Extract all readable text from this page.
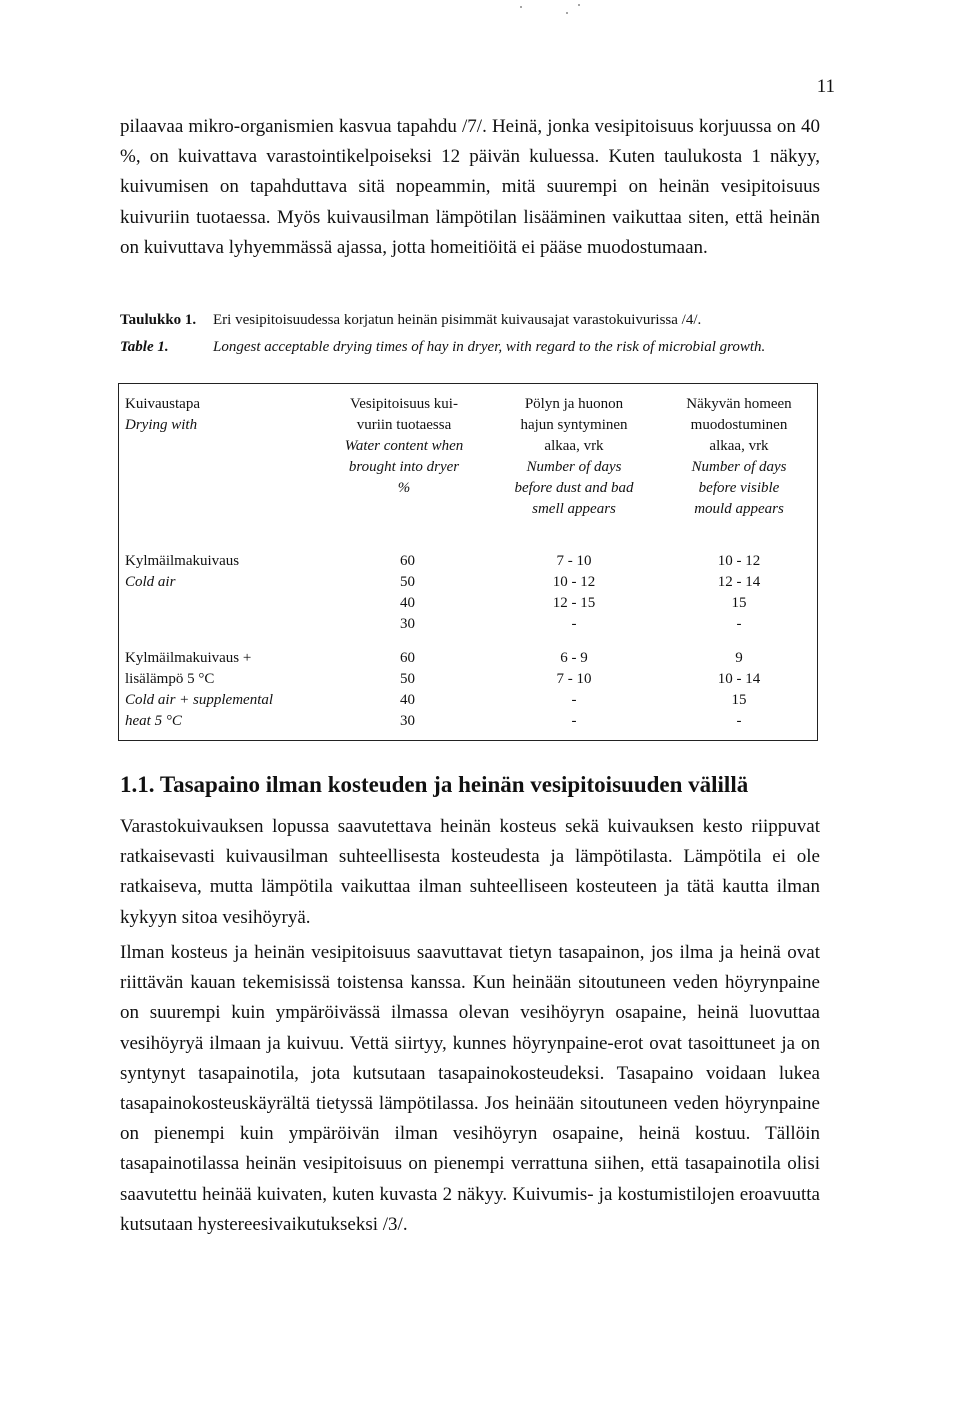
11

pilaavaa mikro-organismien kasvua tapahdu /7/. Heinä, jonka vesipitoisuus korjuussa on 40 %, on kuivattava varastointikelpoiseksi 12 päivän kuluessa. Kuten taulukosta 1 näkyy, kuivumisen on tapahduttava sitä nopeammin, mitä suurempi on heinän vesipitoisuus kuivuriin tuotaessa. Myös kuivausilman lämpötilan lisääminen vaikuttaa siten, että heinän on kuivuttava lyhyemmässä ajassa, jotta homeitiöitä ei pääse muodostumaan.

Taulukko 1. Eri vesipitoisuudessa korjatun heinän pisimmät kuivausajat varastokuivurissa /4/.
Table 1.	Longest acceptable drying times of hay in dryer, with regard to the risk of microbial growth.
Kuivaustapa
Drying with
Vesipitoisuus kui-
vuriin tuotaessa
Water content when
brought into dryer
%
Pölyn ja huonon
hajun syntyminen
alkaa, vrk
Number of days
before dust and bad
smell appears
Näkyvän homeen
muodostuminen
alkaa, vrk
Number of days
before visible
mould appears
Kylmäilmakuivaus
Cold air
60
50
40
30
7 - 10
10 - 12
12 - 15
-
10 - 12
12 - 14
15
-
Kylmäilmakuivaus +
lisälämpö 5 °C
Cold air + supplemental
heat 5 °C
60
50
40
30
6 - 9
7 - 10
-
-
9
10 - 14
15
-
1.1. Tasapaino ilman kosteuden ja heinän vesipitoisuuden välillä

Varastokuivauksen lopussa saavutettava heinän kosteus sekä kuivauksen kesto riippuvat ratkaisevasti kuivausilman suhteellisesta kosteudesta ja lämpötilasta. Lämpötila ei ole ratkaiseva, mutta lämpötila vaikuttaa ilman suhteelliseen kosteuteen ja tätä kautta ilman kykyyn sitoa vesihöyryä.

Ilman kosteus ja heinän vesipitoisuus saavuttavat tietyn tasapainon, jos ilma ja heinä ovat riittävän kauan tekemisissä toistensa kanssa. Kun heinään sitoutuneen veden höyrynpaine on suurempi kuin ympäröivässä ilmassa olevan vesihöyryn osapaine, heinä luovuttaa vesihöyryä ilmaan ja kuivuu. Vettä siirtyy, kunnes höyrynpaine-erot ovat tasoittuneet ja on syntynyt tasapainotila, jota kutsutaan tasapainokosteudeksi. Tasapaino voidaan lukea tasapainokosteuskäyrältä tietyssä lämpötilassa. Jos heinään sitoutuneen veden höyrynpaine on pienempi kuin ympäröivän ilman vesihöyryn osapaine, heinä kostuu. Tällöin tasapainotilassa heinän vesipitoisuus on pienempi verrattuna siihen, että tasapainotila olisi saavutettu heinää kuivaten, kuten kuvasta 2 näkyy. Kuivumis- ja kostumistilojen eroavuutta kutsutaan hystereesivaikutukseksi /3/.
